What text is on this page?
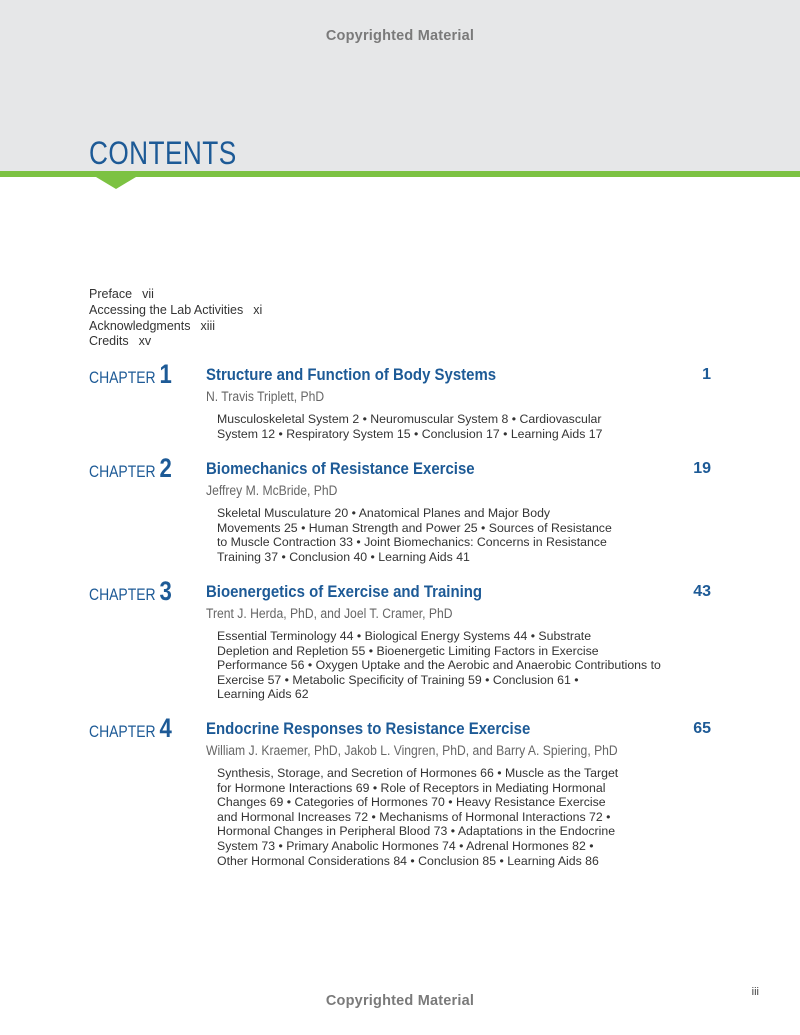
Copyrighted Material
CONTENTS
Preface vii
Accessing the Lab Activities xi
Acknowledgments xiii
Credits xv
CHAPTER 1 Structure and Function of Body Systems	1
N. Travis Triplett, PhD
Musculoskeletal System 2 • Neuromuscular System 8 • Cardiovascular
System 12 • Respiratory System 15 • Conclusion 17 • Learning Aids 17
CHAPTER 2 Biomechanics of Resistance Exercise	19
Jeffrey M. McBride, PhD
Skeletal Musculature 20 • Anatomical Planes and Major Body
Movements 25 • Human Strength and Power 25 • Sources of Resistance
to Muscle Contraction 33 • Joint Biomechanics: Concerns in Resistance
Training 37 • Conclusion 40 • Learning Aids 41
CHAPTER 3 Bioenergetics of Exercise and Training	43
Trent J. Herda, PhD, and Joel T. Cramer, PhD
Essential Terminology 44 • Biological Energy Systems 44 • Substrate
Depletion and Repletion 55 • Bioenergetic Limiting Factors in Exercise
Performance 56 • Oxygen Uptake and the Aerobic and Anaerobic Contributions to
Exercise 57 • Metabolic Specificity of Training 59 • Conclusion 61 •
Learning Aids 62
CHAPTER 4 Endocrine Responses to Resistance Exercise	65
William J. Kraemer, PhD, Jakob L. Vingren, PhD, and Barry A. Spiering, PhD
Synthesis, Storage, and Secretion of Hormones 66 • Muscle as the Target
for Hormone Interactions 69 • Role of Receptors in Mediating Hormonal
Changes 69 • Categories of Hormones 70 • Heavy Resistance Exercise
and Hormonal Increases 72 • Mechanisms of Hormonal Interactions 72 •
Hormonal Changes in Peripheral Blood 73 • Adaptations in the Endocrine
System 73 • Primary Anabolic Hormones 74 • Adrenal Hormones 82 •
Other Hormonal Considerations 84 • Conclusion 85 • Learning Aids 86
iii
Copyrighted Material
